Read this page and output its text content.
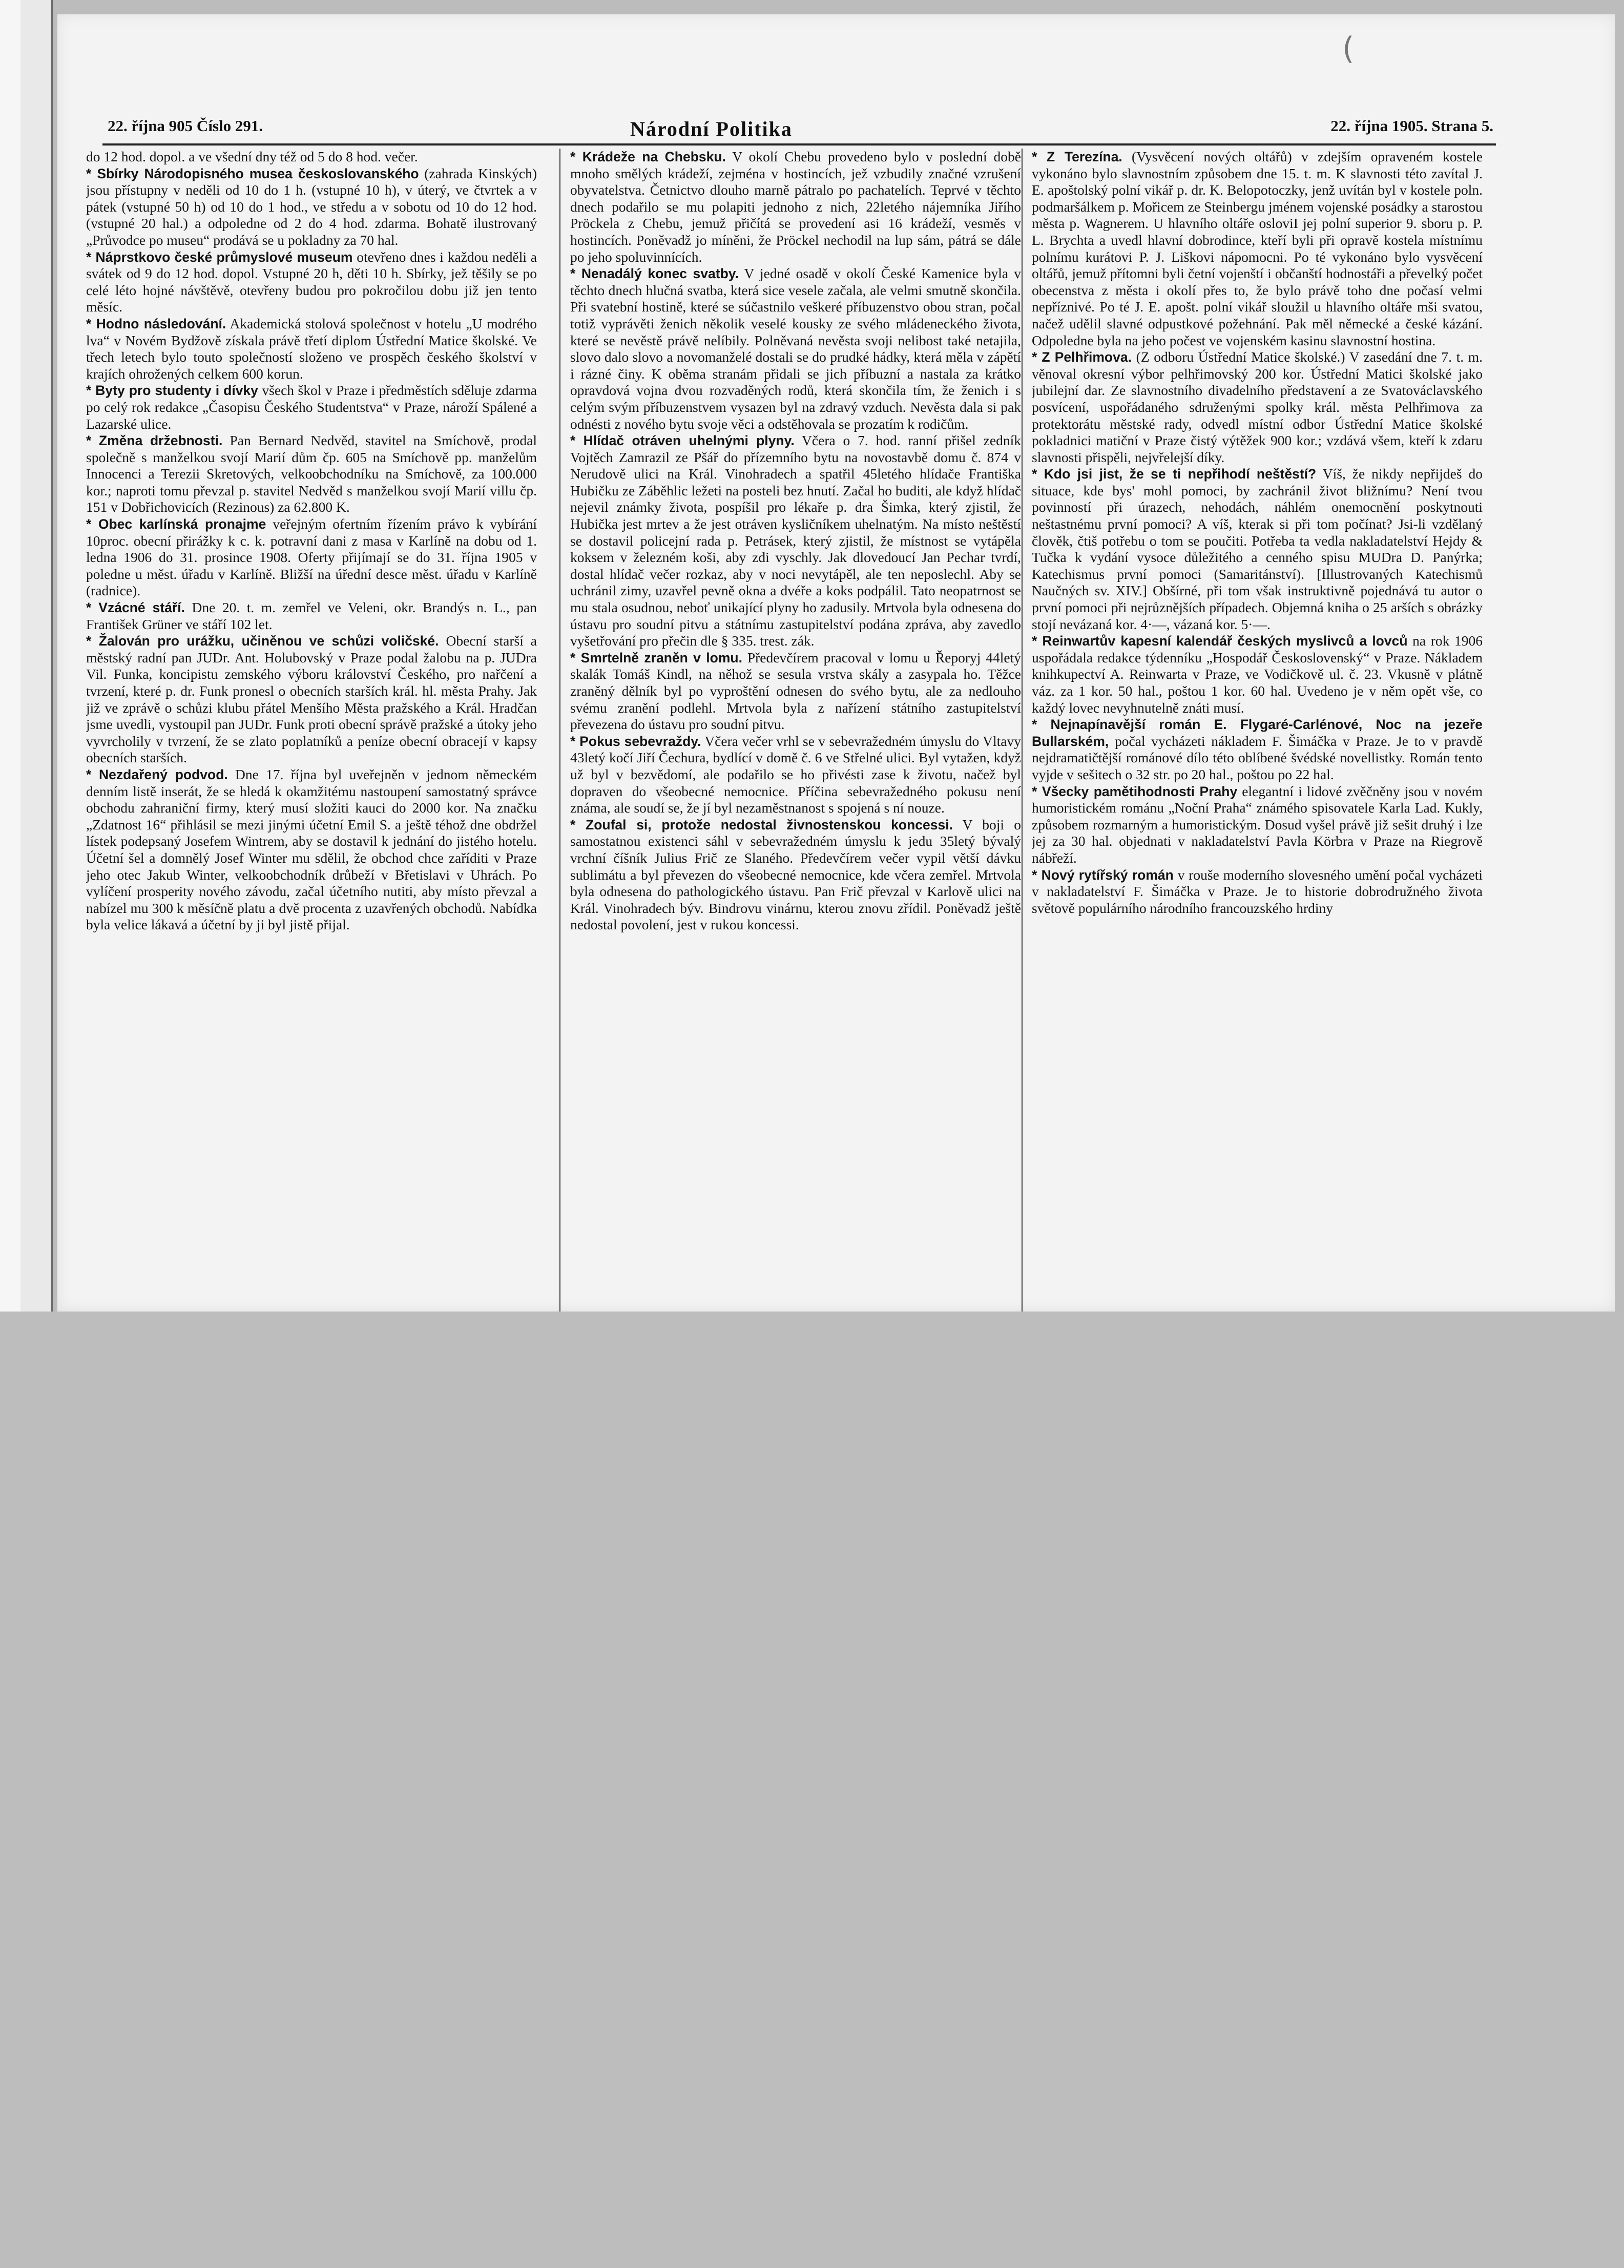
(
22. října 905 Číslo 291.	Národní Politika	22. října 1905. Strana 5.

do 12 hod. dopol. a ve všední dny též od 5 do 8 hod. večer.

* Sbírky Národopisného musea českoslovanského (zahrada Kinských) jsou přístupny v neděli od 10 do 1 h. (vstupné 10 h), v úterý, ve čtvrtek a v pátek (vstupné 50 h) od 10 do 1 hod., ve středu a v sobotu od 10 do 12 hod. (vstupné 20 hal.) a odpoledne od 2 do 4 hod. zdarma. Bohatě ilustrovaný „Průvodce po museu“ prodává se u pokladny za 70 hal.

* Náprstkovo české průmyslové museum otevřeno dnes i každou neděli a svátek od 9 do 12 hod. dopol. Vstupné 20 h, děti 10 h. Sbírky, jež těšily se po celé léto hojné návštěvě, otevřeny budou pro pokročilou dobu již jen tento měsíc.

* Hodno následování. Akademická stolová společnost v hotelu „U modrého lva“ v Novém Bydžově získala právě třetí diplom Ústřední Matice školské. Ve třech letech bylo touto společností složeno ve prospěch českého školství v krajích ohrožených celkem 600 korun.

* Byty pro studenty i dívky všech škol v Praze i předměstích sděluje zdarma po celý rok redakce „Časopisu Českého Studentstva“ v Praze, nároží Spálené a Lazarské ulice.

* Změna držebnosti. Pan Bernard Nedvěd, stavitel na Smíchově, prodal společně s manželkou svojí Marií dům čp. 605 na Smíchově pp. manželům Innocenci a Terezii Skretových, velkoobchodníku na Smíchově, za 100.000 kor.; naproti tomu převzal p. stavitel Nedvěd s manželkou svojí Marií villu čp. 151 v Dobřichovicích (Rezinous) za 62.800 K.

* Obec karlínská pronajme veřejným ofertním řízením právo k vybírání 10proc. obecní přirážky k c. k. potravní dani z masa v Karlíně na dobu od 1. ledna 1906 do 31. prosince 1908. Oferty přijímají se do 31. října 1905 v poledne u měst. úřadu v Karlíně. Bližší na úřední desce měst. úřadu v Karlíně (radnice).

* Vzácné stáří. Dne 20. t. m. zemřel ve Veleni, okr. Brandýs n. L., pan František Grüner ve stáří 102 let.

* Žalován pro urážku, učiněnou ve schůzi voličské. Obecní starší a městský radní pan JUDr. Ant. Holubovský v Praze podal žalobu na p. JUDra Vil. Funka, koncipistu zemského výboru království Českého, pro nařčení a tvrzení, které p. dr. Funk pronesl o obecních starších král. hl. města Prahy. Jak již ve zprávě o schůzi klubu přátel Menšího Města pražského a Král. Hradčan jsme uvedli, vystoupil pan JUDr. Funk proti obecní správě pražské a útoky jeho vyvrcholily v tvrzení, že se zlato poplatníků a peníze obecní obracejí v kapsy obecních starších.

* Nezdařený podvod. Dne 17. října byl uveřejněn v jednom německém denním listě inserát, že se hledá k okamžitému nastoupení samostatný správce obchodu zahraniční firmy, který musí složiti kauci do 2000 kor. Na značku „Zdatnost 16“ přihlásil se mezi jinými účetní Emil S. a ještě téhož dne obdržel lístek podepsaný Josefem Wintrem, aby se dostavil k jednání do jistého hotelu. Účetní šel a domnělý Josef Winter mu sdělil, že obchod chce zaříditi v Praze jeho otec Jakub Winter, velkoobchodník drůbeží v Břetislavi v Uhrách. Po vylíčení prosperity nového závodu, začal účetního nutiti, aby místo převzal a nabízel mu 300 k měsíčně platu a dvě procenta z uzavřených obchodů. Nabídka byla velice lákavá a účetní by ji byl jistě přijal.

* Krádeže na Chebsku. V okolí Chebu provedeno bylo v poslední době mnoho smělých krádeží, zejména v hostincích, jež vzbudily značné vzrušení obyvatelstva. Četnictvo dlouho marně pátralo po pachatelích. Teprvé v těchto dnech podařilo se mu polapiti jednoho z nich, 22letého nájemníka Jiřího Pröckela z Chebu, jemuž přičítá se provedení asi 16 krádeží, vesměs v hostincích. Poněvadž jo míněni, že Pröckel nechodil na lup sám, pátrá se dále po jeho spoluvinnících.

* Nenadálý konec svatby. V jedné osadě v okolí České Kamenice byla v těchto dnech hlučná svatba, která sice vesele začala, ale velmi smutně skončila. Při svatební hostině, které se súčastnilo veškeré příbuzenstvo obou stran, počal totiž vyprávěti ženich několik veselé kousky ze svého mládeneckého života, které se nevěstě právě nelíbily. Polněvaná nevěsta svoji nelibost také netajila, slovo dalo slovo a novomanželé dostali se do prudké hádky, která měla v zápětí i rázné činy. K oběma stranám přidali se jich příbuzní a nastala za krátko opravdová vojna dvou rozvaděných rodů, která skončila tím, že ženich i s celým svým příbuzenstvem vysazen byl na zdravý vzduch. Nevěsta dala si pak odnésti z nového bytu svoje věci a odstěhovala se prozatím k rodičům.

* Hlídač otráven uhelnými plyny. Včera o 7. hod. ranní přišel zedník Vojtěch Zamrazil ze Pšář do přízemního bytu na novostavbě domu č. 874 v Nerudově ulici na Král. Vinohradech a spatřil 45letého hlídače Františka Hubičku ze Záběhlic ležeti na posteli bez hnutí. Začal ho buditi, ale když hlídač nejevil známky života, pospíšil pro lékaře p. dra Šimka, který zjistil, že Hubička jest mrtev a že jest otráven kysličníkem uhelnatým. Na místo neštěstí se dostavil policejní rada p. Petrásek, který zjistil, že místnost se vytápěla koksem v železném koši, aby zdi vyschly. Jak dlovedoucí Jan Pechar tvrdí, dostal hlídač večer rozkaz, aby v noci nevytápěl, ale ten neposlechl. Aby se uchránil zimy, uzavřel pevně okna a dvéře a koks podpálil. Tato neopatrnost se mu stala osudnou, neboť unikající plyny ho zadusily. Mrtvola byla odnesena do ústavu pro soudní pitvu a státnímu zastupitelství podána zpráva, aby zavedlo vyšetřování pro přečin dle § 335. trest. zák.

* Smrtelně zraněn v lomu. Předevčírem pracoval v lomu u Řeporyj 44letý skalák Tomáš Kindl, na něhož se sesula vrstva skály a zasypala ho. Těžce zraněný dělník byl po vyproštění odnesen do svého bytu, ale za nedlouho svému zranění podlehl. Mrtvola byla z nařízení státního zastupitelství převezena do ústavu pro soudní pitvu.

* Pokus sebevraždy. Včera večer vrhl se v sebevražedném úmyslu do Vltavy 43letý kočí Jiří Čechura, bydlící v domě č. 6 ve Střelné ulici. Byl vytažen, když už byl v bezvědomí, ale podařilo se ho přivésti zase k životu, načež byl dopraven do všeobecné nemocnice. Příčina sebevražedného pokusu není známa, ale soudí se, že jí byl nezaměstnanost s spojená s ní nouze.

* Zoufal si, protože nedostal živnostenskou koncessi. V boji o samostatnou existenci sáhl v sebevražedném úmyslu k jedu 35letý bývalý vrchní číšník Julius Frič ze Slaného. Předevčírem večer vypil větší dávku sublimátu a byl převezen do všeobecné nemocnice, kde včera zemřel. Mrtvola byla odnesena do pathologického ústavu. Pan Frič převzal v Karlově ulici na Král. Vinohradech býv. Bindrovu vinárnu, kterou znovu zřídil. Poněvadž ještě nedostal povolení, jest v rukou koncessi.

* Z Terezína. (Vysvěcení nových oltářů) v zdejším opraveném kostele vykonáno bylo slavnostním způsobem dne 15. t. m. K slavnosti této zavítal J. E. apoštolský polní vikář p. dr. K. Belopotoczky, jenž uvítán byl v kostele poln. podmaršálkem p. Mořicem ze Steinbergu jménem vojenské posádky a starostou města p. Wagnerem. U hlavního oltáře osloviI jej polní superior 9. sboru p. P. L. Brychta a uvedl hlavní dobrodince, kteří byli při opravě kostela místnímu polnímu kurátovi P. J. Liškovi nápomocni. Po té vykonáno bylo vysvěcení oltářů, jemuž přítomni byli četní vojenští i občanští hodnostáři a převelký počet obecenstva z města i okolí přes to, že bylo právě toho dne počasí velmi nepříznivé. Po té J. E. apošt. polní vikář sloužil u hlavního oltáře mši svatou, načež udělil slavné odpustkové požehnání. Pak měl německé a české kázání. Odpoledne byla na jeho počest ve vojenském kasinu slavnostní hostina.

* Z Pelhřimova. (Z odboru Ústřední Matice školské.) V zasedání dne 7. t. m. věnoval okresní výbor pelhřimovský 200 kor. Ústřední Matici školské jako jubilejní dar. Ze slavnostního divadelního představení a ze Svatováclavského posvícení, uspořádaného sdruženými spolky král. města Pelhřimova za protektorátu městské rady, odvedl místní odbor Ústřední Matice školské pokladnici matiční v Praze čistý výtěžek 900 kor.; vzdává všem, kteří k zdaru slavnosti přispěli, nejvřelejší díky.

* Kdo jsi jist, že se ti nepřihodí neštěstí? Víš, že nikdy nepřijdeš do situace, kde bys' mohl pomoci, by zachránil život bližnímu? Není tvou povinností při úrazech, nehodách, náhlém onemocnění poskytnouti neštastnému první pomoci? A víš, kterak si při tom počínat? Jsi-li vzdělaný člověk, čtiš potřebu o tom se poučiti. Potřeba ta vedla nakladatelství Hejdy & Tučka k vydání vysoce důležitého a cenného spisu MUDra D. Panýrka; Katechismus první pomoci (Samaritánství). [Illustrovaných Katechismů Naučných sv. XIV.] Obšírné, při tom však instruktivně pojednává tu autor o první pomoci při nejrůznějších případech. Objemná kniha o 25 arších s obrázky stojí nevázaná kor. 4·—, vázaná kor. 5·—.

* Reinwartův kapesní kalendář českých myslivců a lovců na rok 1906 uspořádala redakce týdenníku „Hospodář Československý“ v Praze. Nákladem knihkupectví A. Reinwarta v Praze, ve Vodičkově ul. č. 23. Vkusně v plátně váz. za 1 kor. 50 hal., poštou 1 kor. 60 hal. Uvedeno je v něm opět vše, co každý lovec nevyhnutelně znáti musí.

* Nejnapínavější román E. Flygaré-Carlénové, Noc na jezeře Bullarském, počal vycházeti nákladem F. Šimáčka v Praze. Je to v pravdě nejdramatičtější románové dílo této oblíbené švédské novellistky. Román tento vyjde v sešitech o 32 str. po 20 hal., poštou po 22 hal.

* Všecky pamětihodnosti Prahy elegantní i lidové zvěčněny jsou v novém humoristickém románu „Noční Praha“ známého spisovatele Karla Lad. Kukly, způsobem rozmarným a humoristickým. Dosud vyšel právě již sešit druhý i lze jej za 30 hal. objednati v nakladatelství Pavla Körbra v Praze na Riegrově nábřeží.

* Nový rytířský román v rouše moderního slovesného umění počal vycházeti v nakladatelství F. Šimáčka v Praze. Je to historie dobrodružného života světově populárního národního francouzského hrdiny
